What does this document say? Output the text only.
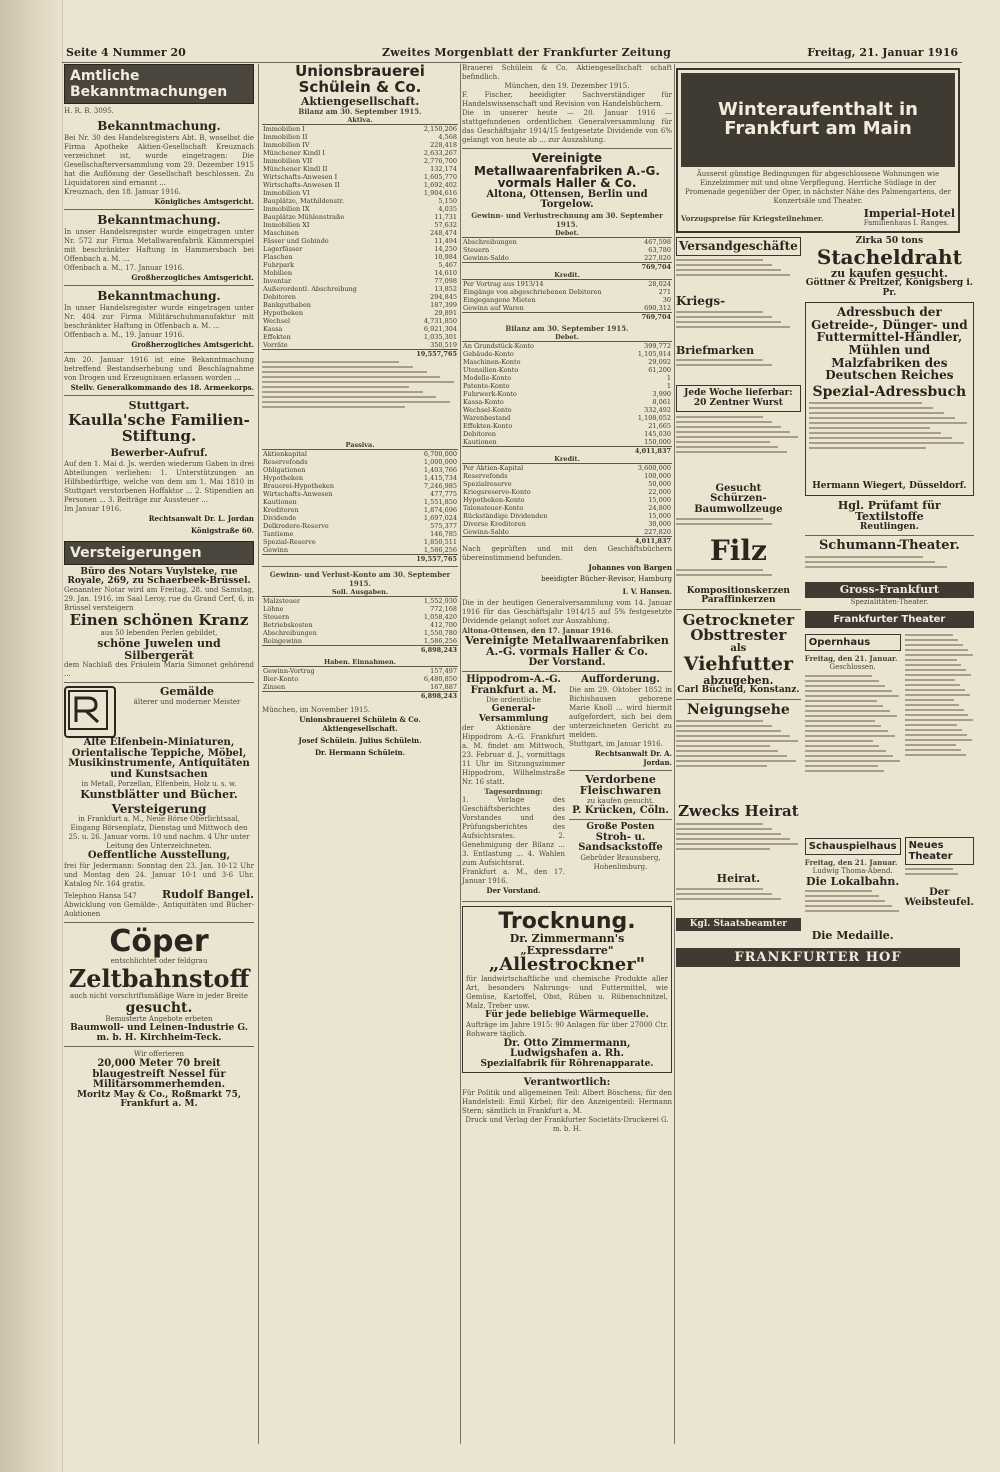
Seite 4 Nummer 20	Zweites Morgenblatt der Frankfurter Zeitung	Freitag, 21. Januar 1916
Amtliche Bekanntmachungen
H. R. B. 3095.
Bekanntmachung.
Bei Nr. 30 des Handelsregisters Abt. B, woselbst die Firma Apotheke Aktien-Gesellschaft Kreuznach verzeichnet ist, wurde eingetragen: Die Gesellschafterversammlung vom 29. Dezember 1915 hat die Auflösung der Gesellschaft beschlossen. Zu Liquidatoren sind ernannt ...
Kreuznach, den 18. Januar 1916.
Königliches Amtsgericht.
Bekanntmachung.
In unser Handelsregister wurde eingetragen unter Nr. 572 zur Firma Metallwarenfabrik Kämmerspiel mit beschränkter Haftung in Hammersbach bei Offenbach a. M. ...
Offenbach a. M., 17. Januar 1916.
Großherzogliches Amtsgericht.
Bekanntmachung.
In unser Handelsregister wurde eingetragen unter Nr. 404 zur Firma Militärschuhmanufaktur mit beschränkter Haftung in Offenbach a. M. ...
Offenbach a. M., 19. Januar 1916.
Großherzogliches Amtsgericht.
Am 20. Januar 1916 ist eine Bekanntmachung betreffend Bestandserhebung und Beschlagnahme von Drogen und Erzeugnissen erlassen worden ...
Stellv. Generalkommando des 18. Armeekorps.
Stuttgart.
Kaulla'sche Familien-Stiftung.
Bewerber-Aufruf.
Auf den 1. Mai d. Js. werden wiederum Gaben in drei Abteilungen verliehen: 1. Unterstützungen an Hilfsbedürftige, welche von dem am 1. Mai 1810 in Stuttgart verstorbenen Hoffaktor ... 2. Stipendien an Personen ... 3. Beiträge zur Aussteuer ...
Im Januar 1916.
Rechtsanwalt Dr. L. Jordan
Königstraße 60.
Versteigerungen
Büro des Notars Vuylsteke, rue Royale, 269, zu Schaerbeek-Brüssel.
Genannter Notar wird am Freitag, 28. und Samstag, 29. Jan. 1916, im Saal Leroy, rue du Grand Cerf, 6, in Brüssel versteigern
Einen schönen Kranz
aus 50 lebenden Perlen gebildet,
schöne Juwelen und Silbergerät
dem Nachlaß des Fräulein Maria Simonet gehörend ...
Gemälde
älterer und moderner Meister
Alte Elfenbein-Miniaturen, Orientalische Teppiche, Möbel, Musikinstrumente, Antiquitäten und Kunstsachen
in Metall, Porzellan, Elfenbein, Holz u. s. w.
Kunstblätter und Bücher.
Versteigerung
in Frankfurt a. M., Neue Börse Oberlichtsaal, Eingang Börsenplatz, Dienstag und Mittwoch den 25. u. 26. Januar vorm. 10 und nachm. 4 Uhr unter Leitung des Unterzeichneten.
Oeffentliche Ausstellung,
frei für Jedermann: Sonntag den 23. Jan. 10-12 Uhr und Montag den 24. Januar 10-1 und 3-6 Uhr. Katalog Nr. 164 gratis.
Telephon Hansa 547 Rudolf Bangel.
Abwicklung von Gemälde-, Antiquitäten und Bücher-Auktionen
Cöper
entschlichtet oder feldgrau
Zeltbahnstoff
auch nicht vorschriftsmäßige Ware in jeder Breite
gesucht.
Bemusterte Angebote erbeten
Baumwoll- und Leinen-Industrie G. m. b. H. Kirchheim-Teck.
Wir offerieren
20,000 Meter 70 breit blaugestreift Nessel für Militärsommerhemden.
Moritz May & Co., Roßmarkt 75, Frankfurt a. M.
Unionsbrauerei Schülein & Co.
Aktiengesellschaft.
Bilanz am 30. September 1915.
Aktiva.	
Immobilien I	2,150,206
Immobilien II	4,568
Immobilien IV	228,418
Münchener Kindl I	2,633,267
Immobilien VII	2,776,700
Münchener Kindl II	132,174
Wirtschafts-Anwesen I	1,605,770
Wirtschafts-Anwesen II	1,692,402
Immobilien VI	1,904,616
Bauplätze, Mathildenstr.	5,150
Immobilien IX	4,035
Bauplätze Mühlenstraße	11,731
Immobilien XI	57,632
Maschinen	248,474
Fässer und Gebinde	11,494
Lagerfässer	14,250
Flaschen	10,984
Fuhrpark	5,467
Mobilien	14,610
Inventar	77,098
Außerordentl. Abschreibung	13,852
Debitoren	294,845
Bankguthaben	187,399
Hypotheken	29,891
Wechsel	4,731,850
Kassa	6,921,304
Effekten	1,035,301
Vorräte	350,519
	19,557,765
Passiva.	
Aktienkapital	6,700,000
Reservefonds	1,000,000
Obligationen	1,403,766
Hypotheken	1,415,734
Brauerei-Hypotheken	7,246,985
Wirtschafts-Anwesen	477,775
Kautionen	1,551,850
Kreditoren	1,874,696
Dividende	1,697,024
Delkredere-Reserve	575,377
Tantieme	146,785
Spezial-Reserve	1,850,511
Gewinn	1,586,256
	19,557,765
Gewinn- und Verlust-Konto am 30. September 1915.
Soll. Ausgaben.	
Malzsteuer	1,552,930
Löhne	772,168
Steuern	1,058,420
Betriebskosten	412,700
Abschreibungen	1,550,780
Reingewinn	1,586,256
	6,898,243
Haben. Einnahmen.	
Gewinn-Vortrag	157,497
Bier-Konto	6,480,850
Zinsen	167,887
	6,898,243
München, im November 1915.
Unionsbrauerei Schülein & Co. Aktiengesellschaft.
Josef Schülein. Julius Schülein.
Dr. Hermann Schülein.
Brauerei Schülein & Co. Aktiengesellschaft schaft befindlich.
München, den 19. Dezember 1915.
F. Fischer, beeidigter Sachverständiger für Handelswissenschaft und Revision von Handelsbüchern.
Die in unserer heute — 20. Januar 1916 — stattgefundenen ordentlichen Generalversammlung für das Geschäftsjahr 1914/15 festgesetzte Dividende von 6% gelangt von heute ab ... zur Auszahlung.
Vereinigte Metallwaarenfabriken A.-G. vormals Haller & Co.
Altona, Ottensen, Berlin und Torgelow.
Gewinn- und Verlustrechnung am 30. September 1915.
Debet.	
Abschreibungen	467,598
Steuern	63,780
Gewinn-Saldo	227,820
	769,704
Kredit.	
Per Vortrag aus 1913/14	28,024
Eingänge von abgeschriebenen Debitoren	271
Eingegangene Mieten	30
Gewinn auf Waren	690,312
	769,704
Bilanz am 30. September 1915.
Debet.	
An Grundstück-Konto	399,772
Gebäude-Konto	1,105,914
Maschinen-Konto	29,092
Utensilien-Konto	61,200
Modelle-Konto	1
Patente-Konto	1
Fuhrwerk-Konto	3,990
Kassa-Konto	8,061
Wechsel-Konto	332,492
Warenbestand	1,108,052
Effekten-Konto	21,665
Debitoren	145,030
Kautionen	150,000
	4,011,837
Kredit.	
Per Aktien-Kapital	3,600,000
Reservefonds	100,000
Spezialreserve	50,000
Kriegsreserve-Konto	22,000
Hypotheken-Konto	15,000
Talonsteuer-Konto	24,800
Rückständige Dividenden	15,000
Diverse Kreditoren	30,000
Gewinn-Saldo	227,820
	4,011,837
Nach geprüften und mit den Geschäftsbüchern übereinstimmend befunden.
Johannes von Bargen
beeidigter Bücher-Revisor, Hamburg
I. V. Hansen.
Die in der heutigen Generalversammlung vom 14. Januar 1916 für das Geschäftsjahr 1914/15 auf 5% festgesetzte Dividende gelangt sofort zur Auszahlung.
Altona-Ottensen, den 17. Januar 1916.
Vereinigte Metallwaarenfabriken A.-G. vormals Haller & Co.
Der Vorstand.
Hippodrom-A.-G. Frankfurt a. M.
Die ordentliche
General-Versammlung
der Aktionäre der Hippodrom A.-G. Frankfurt a. M. findet am Mittwoch, 23. Februar d. J., vormittags 11 Uhr im Sitzungszimmer Hippodrom, Wilhelmstraße Nr. 16 statt.
Tagesordnung:
1. Vorlage des Geschäftsberichtes des Vorstandes und des Prüfungsberichtes des Aufsichtsrates. 2. Genehmigung der Bilanz ... 3. Entlastung ... 4. Wahlen zum Aufsichtsrat.
Frankfurt a. M., den 17. Januar 1916.
Der Vorstand.
Aufforderung.
Die am 29. Oktober 1852 in Bichishausen geborene Marie Knoll ... wird hiermit aufgefordert, sich bei dem unterzeichneten Gericht zu melden.
Stuttgart, im Januar 1916.
Rechtsanwalt Dr. A. Jordan.
Verdorbene Fleischwaren
zu kaufen gesucht.
P. Krücken, Cöln.
Große Posten
Stroh- u. Sandsackstoffe
Gebrüder Braunsberg, Hohenlimburg.
Trocknung.
Dr. Zimmermann's „Expressdarre"
„Allestrockner"
für landwirtschaftliche und chemische Produkte aller Art, besonders Nahrungs- und Futtermittel, wie Gemüse, Kartoffel, Obst, Rüben u. Rübenschnitzel, Malz, Treber usw.
Für jede beliebige Wärmequelle.
Aufträge im Jahre 1915: 90 Anlagen für über 27000 Ctr. Rohware täglich.
Dr. Otto Zimmermann, Ludwigshafen a. Rh.
Spezialfabrik für Röhrenapparate.
Verantwortlich:
Für Politik und allgemeinen Teil: Albert Böschens; für den Handelsteil: Emil Kirbel; für den Anzeigenteil: Hermann Stern; sämtlich in Frankfurt a. M.
Druck und Verlag der Frankfurter Societäts-Druckerei G. m. b. H.
Winteraufenthalt in Frankfurt am Main
Äusserst günstige Bedingungen für abgeschlossene Wohnungen wie Einzelzimmer mit und ohne Verpflegung. Herrliche Südlage in der Promenade gegenüber der Oper, in nächster Nähe des Palmengartens, der Konzertsäle und Theater.
Vorzugspreise für Kriegsteilnehmer.	Imperial-Hotel
Familienhaus I. Ranges.
Versandgeschäfte
Kriegs-
Briefmarken
Jede Woche lieferbar: 20 Zentner Wurst
Gesucht
Schürzen-Baumwollzeuge
Filz
Kompositionskerzen
Paraffinkerzen
Getrockneter Obsttrester
als
Viehfutter
abzugeben.
Carl Bücheld, Konstanz.
Neigungsehe
Zwecks Heirat
Heirat.
Kgl. Staatsbeamter
Zirka 50 tons
Stacheldraht
zu kaufen gesucht.
Göttner & Preltzer, Königsberg i. Pr.
Adressbuch der Getreide-, Dünger- und Futtermittel-Händler, Mühlen und Malzfabriken des Deutschen Reiches
Spezial-Adressbuch
Hermann Wiegert, Düsseldorf.
Hgl. Prüfamt für Textilstoffe
Reutlingen.
Schumann-Theater.
Gross-Frankfurt
Spezialitäten-Theater.
Frankfurter Theater
Opernhaus
Freitag, den 21. Januar.
Geschlossen.
Schauspielhaus
Freitag, den 21. Januar.
Ludwig Thoma-Abend.
Die Lokalbahn.
Die Medaille.
Neues Theater
Der Weibsteufel.
FRANKFURTER HOF
